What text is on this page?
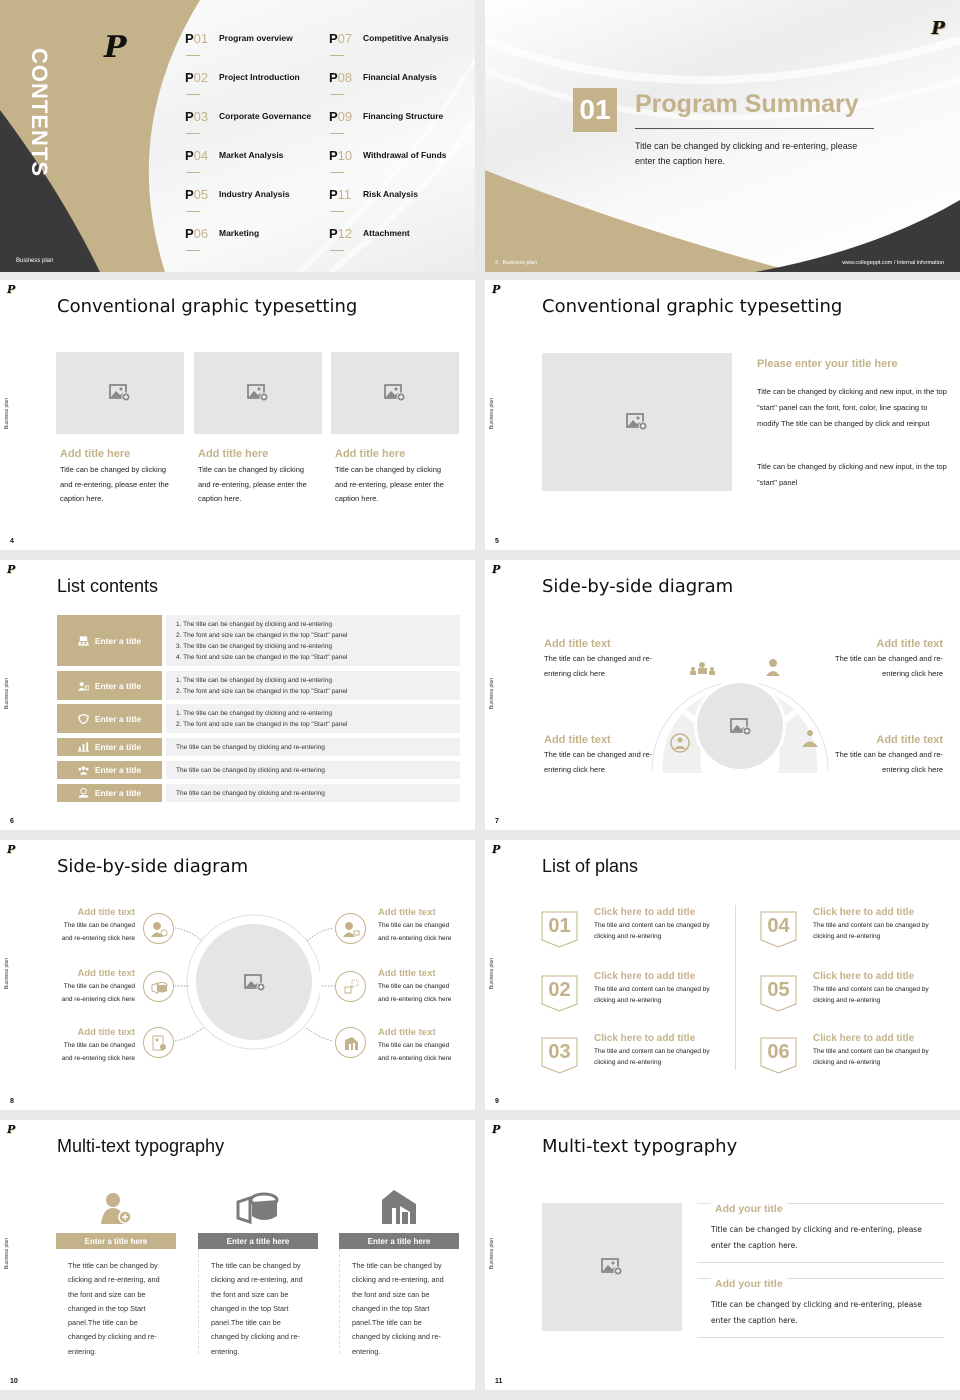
CONTENTS
P
Business plan
P01	Program overview
P02	Project Introduction
P03	Corporate Governance
P04	Market Analysis
P05	Industry Analysis
P06	Marketing
P07	Competitive Analysis
P08	Financial Analysis
P09	Financing Structure
P10	Withdrawal of Funds
P11	Risk Analysis
P12	Attachment
P
01 Program Summary
Title can be changed by clicking and re-entering, please enter the caption here.
3 Business plan	www.collegeppt.com / Internal information
P
Business plan
Conventional graphic typesetting
Add title here
Title can be changed by clicking and re-entering, please enter the caption here.
Add title here
Title can be changed by clicking and re-entering, please enter the caption here.
Add title here
Title can be changed by clicking and re-entering, please enter the caption here.
4
P
Business plan
Conventional graphic typesetting
Please enter your title here
Title can be changed by clicking and new input, in the top "start" panel can the font, font, color, line spacing to modify The title can be changed by click and reinput
Title can be changed by clicking and new input, in the top "start" panel
5
P
Business plan
List contents
Enter a title
1. The title can be changed by clicking and re-entering
2. The font and size can be changed in the top "Start" panel
3. The title can be changed by clicking and re-entering
4. The font and size can be changed in the top "Start" panel
Enter a title
1. The title can be changed by clicking and re-entering
2. The font and size can be changed in the top "Start" panel
Enter a title
1. The title can be changed by clicking and re-entering
2. The font and size can be changed in the top "Start" panel
Enter a title	The title can be changed by clicking and re-entering
Enter a title	The title can be changed by clicking and re-entering
Enter a title	The title can be changed by clicking and re-entering
6
P
Business plan
Side-by-side diagram
Add title text
The title can be changed and re-entering click here
Add title text
The title can be changed and re-entering click here
Add title text
The title can be changed and re-entering click here
Add title text
The title can be changed and re-entering click here
7
P
Business plan
Side-by-side diagram
Add title text
The title can be changed and re-entering click here
Add title text
The title can be changed and re-entering click here
Add title text
The title can be changed and re-entering click here
Add title text
The title can be changed and re-entering click here
Add title text
The title can be changed and re-entering click here
Add title text
The title can be changed and re-entering click here
8
P
Business plan
List of plans
01
Click here to add title
The title and content can be changed by clicking and re-entering
02
Click here to add title
The title and content can be changed by clicking and re-entering
03
Click here to add title
The title and content can be changed by clicking and re-entering
04
Click here to add title
The title and content can be changed by clicking and re-entering
05
Click here to add title
The title and content can be changed by clicking and re-entering
06
Click here to add title
The title and content can be changed by clicking and re-entering
9
P
Business plan
Multi-text typography
Enter a title here
The title can be changed by clicking and re-entering, and the font and size can be changed in the top Start panel.The title can be changed by clicking and re-entering.
Enter a title here
The title can be changed by clicking and re-entering, and the font and size can be changed in the top Start panel.The title can be changed by clicking and re-entering.
Enter a title here
The title can be changed by clicking and re-entering, and the font and size can be changed in the top Start panel.The title can be changed by clicking and re-entering.
10
P
Business plan
Multi-text typography
Add your title
Title can be changed by clicking and re-entering, please enter the caption here.
Add your title
Title can be changed by clicking and re-entering, please enter the caption here.
11
